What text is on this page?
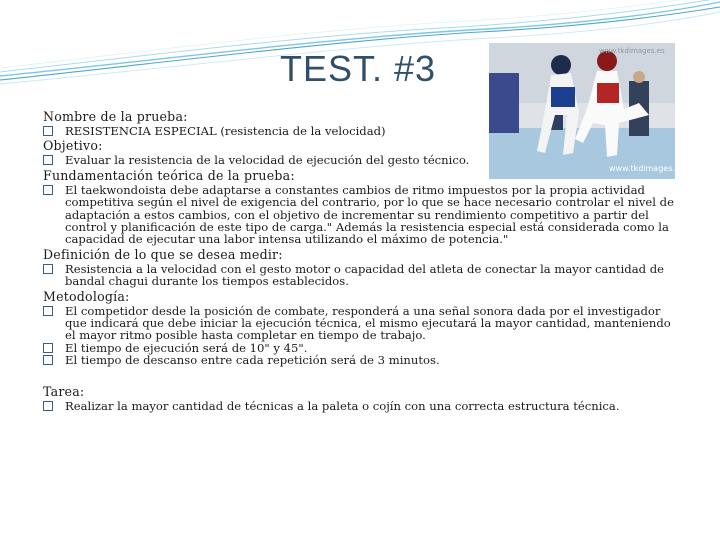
TEST. #3
www.tkdimages.es
www.tkdimages.es

Nombre de la prueba:

RESISTENCIA ESPECIAL (resistencia de la velocidad)

Objetivo:

Evaluar la resistencia de la velocidad de ejecución del gesto técnico.

Fundamentación teórica de la prueba:

El taekwondoista debe adaptarse a constantes cambios de ritmo impuestos por la propia actividad competitiva según el nivel de exigencia del contrario, por lo que se hace necesario controlar el nivel de adaptación a estos cambios, con el objetivo de incrementar su rendimiento competitivo a partir del control y planificación de este tipo de carga." Además la resistencia especial está considerada como la capacidad de ejecutar una labor intensa utilizando el máximo de potencia."

Definición de lo que se desea medir:

Resistencia a la velocidad con el gesto motor o capacidad del atleta de conectar la mayor cantidad de bandal chagui durante los tiempos establecidos.

Metodología:

El competidor desde la posición de combate, responderá a una señal sonora dada por el investigador que indicará que debe iniciar la ejecución técnica, el mismo ejecutará la mayor cantidad, manteniendo el mayor ritmo posible hasta completar en tiempo de trabajo.

El tiempo de ejecución será de 10" y 45".

El tiempo de descanso entre cada repetición será de 3 minutos.

Tarea:

Realizar la mayor cantidad de técnicas a la paleta o cojín con una correcta estructura técnica.
